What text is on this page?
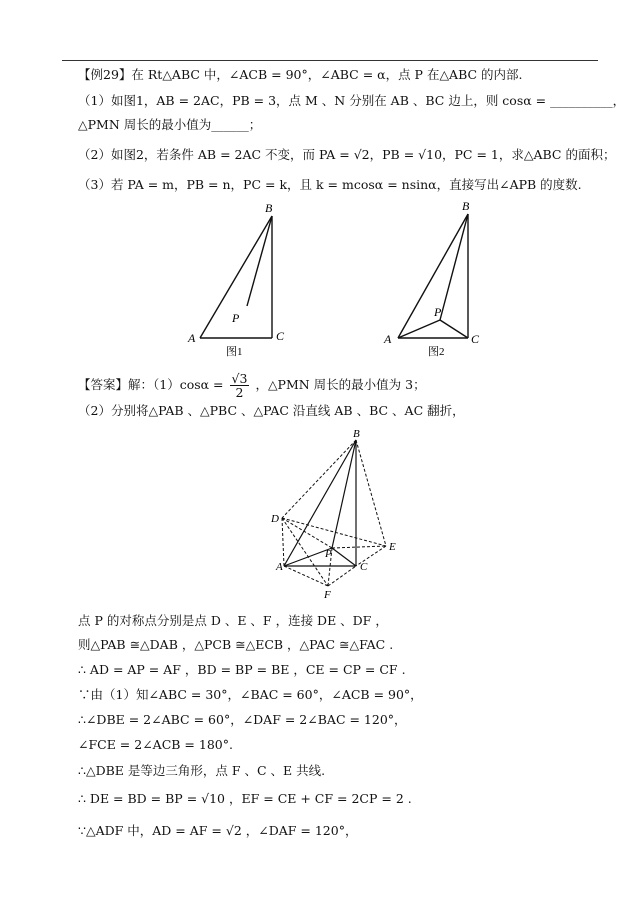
【例29】在 Rt△ABC 中，∠ACB = 90°，∠ABC = α，点 P 在△ABC 的内部.
（1）如图1，AB = 2AC，PB = 3，点 M 、N 分别在 AB 、BC 边上，则 cosα = __________，
△PMN 周长的最小值为______；
（2）如图2，若条件 AB = 2AC 不变，而 PA = √2，PB = √10，PC = 1，求△ABC 的面积；
（3）若 PA = m，PB = n，PC = k，且 k = mcosα = nsinα，直接写出∠APB 的度数.
B
A	C
P
图1
B
A	C
P
图2
【答案】解：$(1)\cos\alpha = \frac{√3}{2}$ ，△PMN 周长的最小值为 3；
（2）分别将△PAB 、△PBC 、△PAC 沿直线 AB 、BC 、AC 翻折，
B
D
E
A	C
P
F
点 P 的对称点分别是点 D 、E 、F ，连接 DE 、DF ，
则△PAB ≅△DAB ，△PCB ≅△ECB ，△PAC ≅△FAC .
∴ AD = AP = AF ，BD = BP = BE ，CE = CP = CF .
∵由（1）知∠ABC = 30°，∠BAC = 60°，∠ACB = 90°，
∴∠DBE = 2∠ABC = 60°，∠DAF = 2∠BAC = 120°，
∠FCE = 2∠ACB = 180°.
∴△DBE 是等边三角形，点 F 、C 、E 共线.
∴ DE = BD = BP = √10 ，EF = CE + CF = 2CP = 2 .
∵△ADF 中，AD = AF = √2 ，∠DAF = 120°，
